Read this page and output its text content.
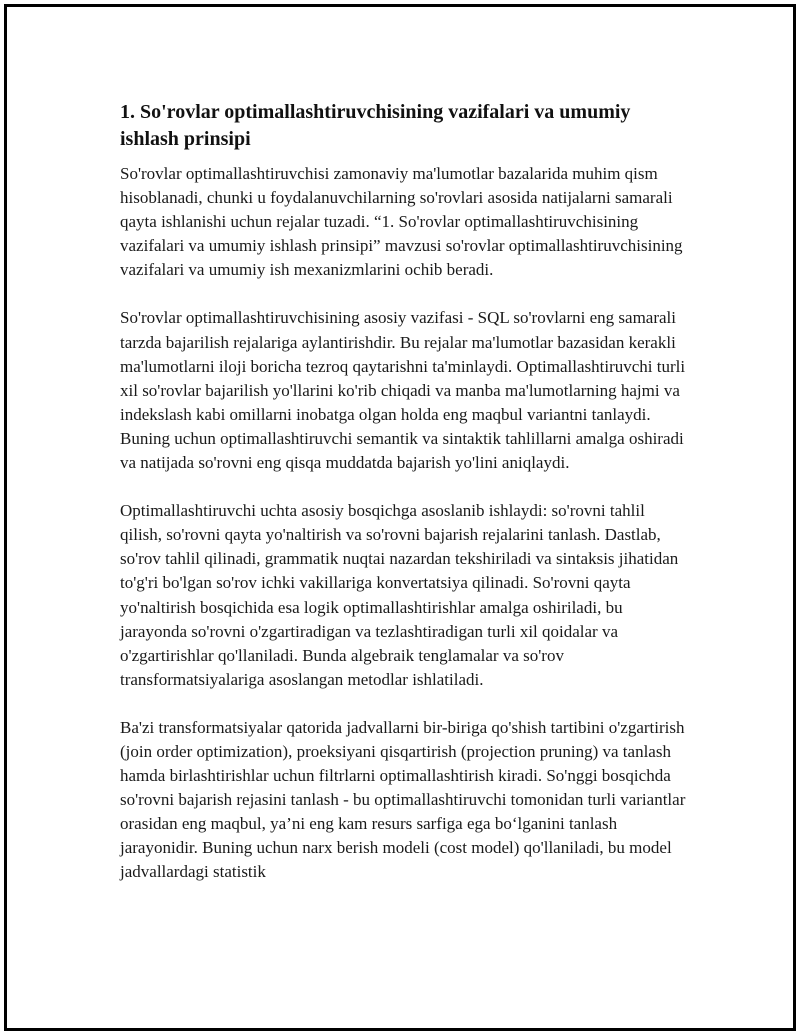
1. So'rovlar optimallashtiruvchisining vazifalari va umumiy ishlash prinsipi

So'rovlar optimallashtiruvchisi zamonaviy ma'lumotlar bazalarida muhim qism hisoblanadi, chunki u foydalanuvchilarning so'rovlari asosida natijalarni samarali qayta ishlanishi uchun rejalar tuzadi. “1. So'rovlar optimallashtiruvchisining vazifalari va umumiy ishlash prinsipi” mavzusi so'rovlar optimallashtiruvchisining vazifalari va umumiy ish mexanizmlarini ochib beradi.

So'rovlar optimallashtiruvchisining asosiy vazifasi - SQL so'rovlarni eng samarali tarzda bajarilish rejalariga aylantirishdir. Bu rejalar ma'lumotlar bazasidan kerakli ma'lumotlarni iloji boricha tezroq qaytarishni ta'minlaydi. Optimallashtiruvchi turli xil so'rovlar bajarilish yo'llarini ko'rib chiqadi va manba ma'lumotlarning hajmi va indekslash kabi omillarni inobatga olgan holda eng maqbul variantni tanlaydi. Buning uchun optimallashtiruvchi semantik va sintaktik tahlillarni amalga oshiradi va natijada so'rovni eng qisqa muddatda bajarish yo'lini aniqlaydi.

Optimallashtiruvchi uchta asosiy bosqichga asoslanib ishlaydi: so'rovni tahlil qilish, so'rovni qayta yo'naltirish va so'rovni bajarish rejalarini tanlash. Dastlab, so'rov tahlil qilinadi, grammatik nuqtai nazardan tekshiriladi va sintaksis jihatidan to'g'ri bo'lgan so'rov ichki vakillariga konvertatsiya qilinadi. So'rovni qayta yo'naltirish bosqichida esa logik optimallashtirishlar amalga oshiriladi, bu jarayonda so'rovni o'zgartiradigan va tezlashtiradigan turli xil qoidalar va o'zgartirishlar qo'llaniladi. Bunda algebraik tenglamalar va so'rov transformatsiyalariga asoslangan metodlar ishlatiladi.

Ba'zi transformatsiyalar qatorida jadvallarni bir-biriga qo'shish tartibini o'zgartirish (join order optimization), proeksiyani qisqartirish (projection pruning) va tanlash hamda birlashtirishlar uchun filtrlarni optimallashtirish kiradi. So'nggi bosqichda so'rovni bajarish rejasini tanlash - bu optimallashtiruvchi tomonidan turli variantlar orasidan eng maqbul, ya’ni eng kam resurs sarfiga ega bo‘lganini tanlash jarayonidir. Buning uchun narx berish modeli (cost model) qo'llaniladi, bu model jadvallardagi statistik
